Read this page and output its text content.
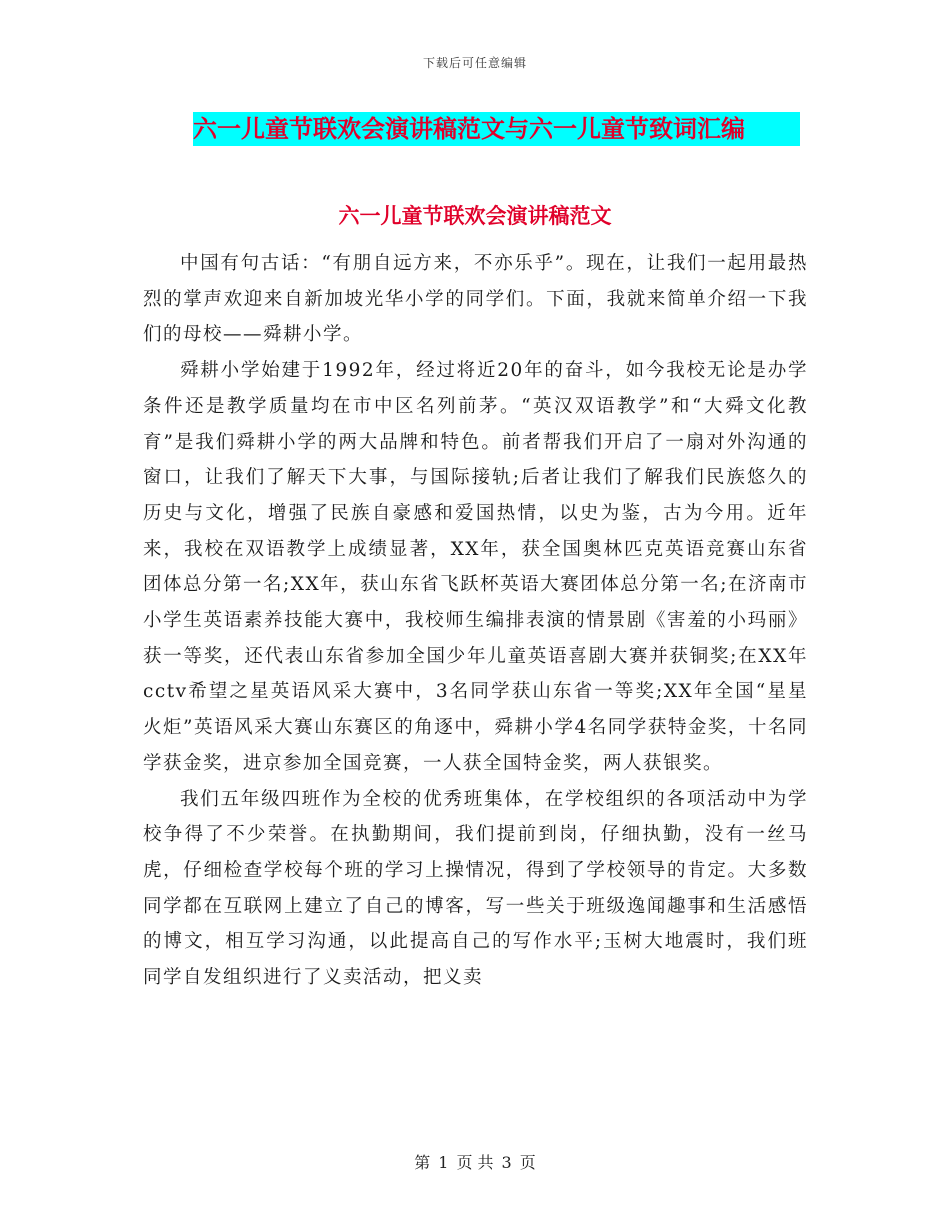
下载后可任意编辑
六一儿童节联欢会演讲稿范文与六一儿童节致词汇编
六一儿童节联欢会演讲稿范文

中国有句古话：“有朋自远方来，不亦乐乎”。现在，让我们一起用最热烈的掌声欢迎来自新加坡光华小学的同学们。下面，我就来简单介绍一下我们的母校——舜耕小学。

舜耕小学始建于1992年，经过将近20年的奋斗，如今我校无论是办学条件还是教学质量均在市中区名列前茅。“英汉双语教学”和“大舜文化教育”是我们舜耕小学的两大品牌和特色。前者帮我们开启了一扇对外沟通的窗口，让我们了解天下大事，与国际接轨;后者让我们了解我们民族悠久的历史与文化，增强了民族自豪感和爱国热情，以史为鉴，古为今用。近年来，我校在双语教学上成绩显著，XX年，获全国奥林匹克英语竞赛山东省团体总分第一名;XX年，获山东省飞跃杯英语大赛团体总分第一名;在济南市小学生英语素养技能大赛中，我校师生编排表演的情景剧《害羞的小玛丽》获一等奖，还代表山东省参加全国少年儿童英语喜剧大赛并获铜奖;在XX年cctv希望之星英语风采大赛中，3名同学获山东省一等奖;XX年全国“星星火炬”英语风采大赛山东赛区的角逐中，舜耕小学4名同学获特金奖，十名同学获金奖，进京参加全国竞赛，一人获全国特金奖，两人获银奖。

我们五年级四班作为全校的优秀班集体，在学校组织的各项活动中为学校争得了不少荣誉。在执勤期间，我们提前到岗，仔细执勤，没有一丝马虎，仔细检查学校每个班的学习上操情况，得到了学校领导的肯定。大多数同学都在互联网上建立了自己的博客，写一些关于班级逸闻趣事和生活感悟的博文，相互学习沟通，以此提高自己的写作水平;玉树大地震时，我们班同学自发组织进行了义卖活动，把义卖

第 1 页 共 3 页
